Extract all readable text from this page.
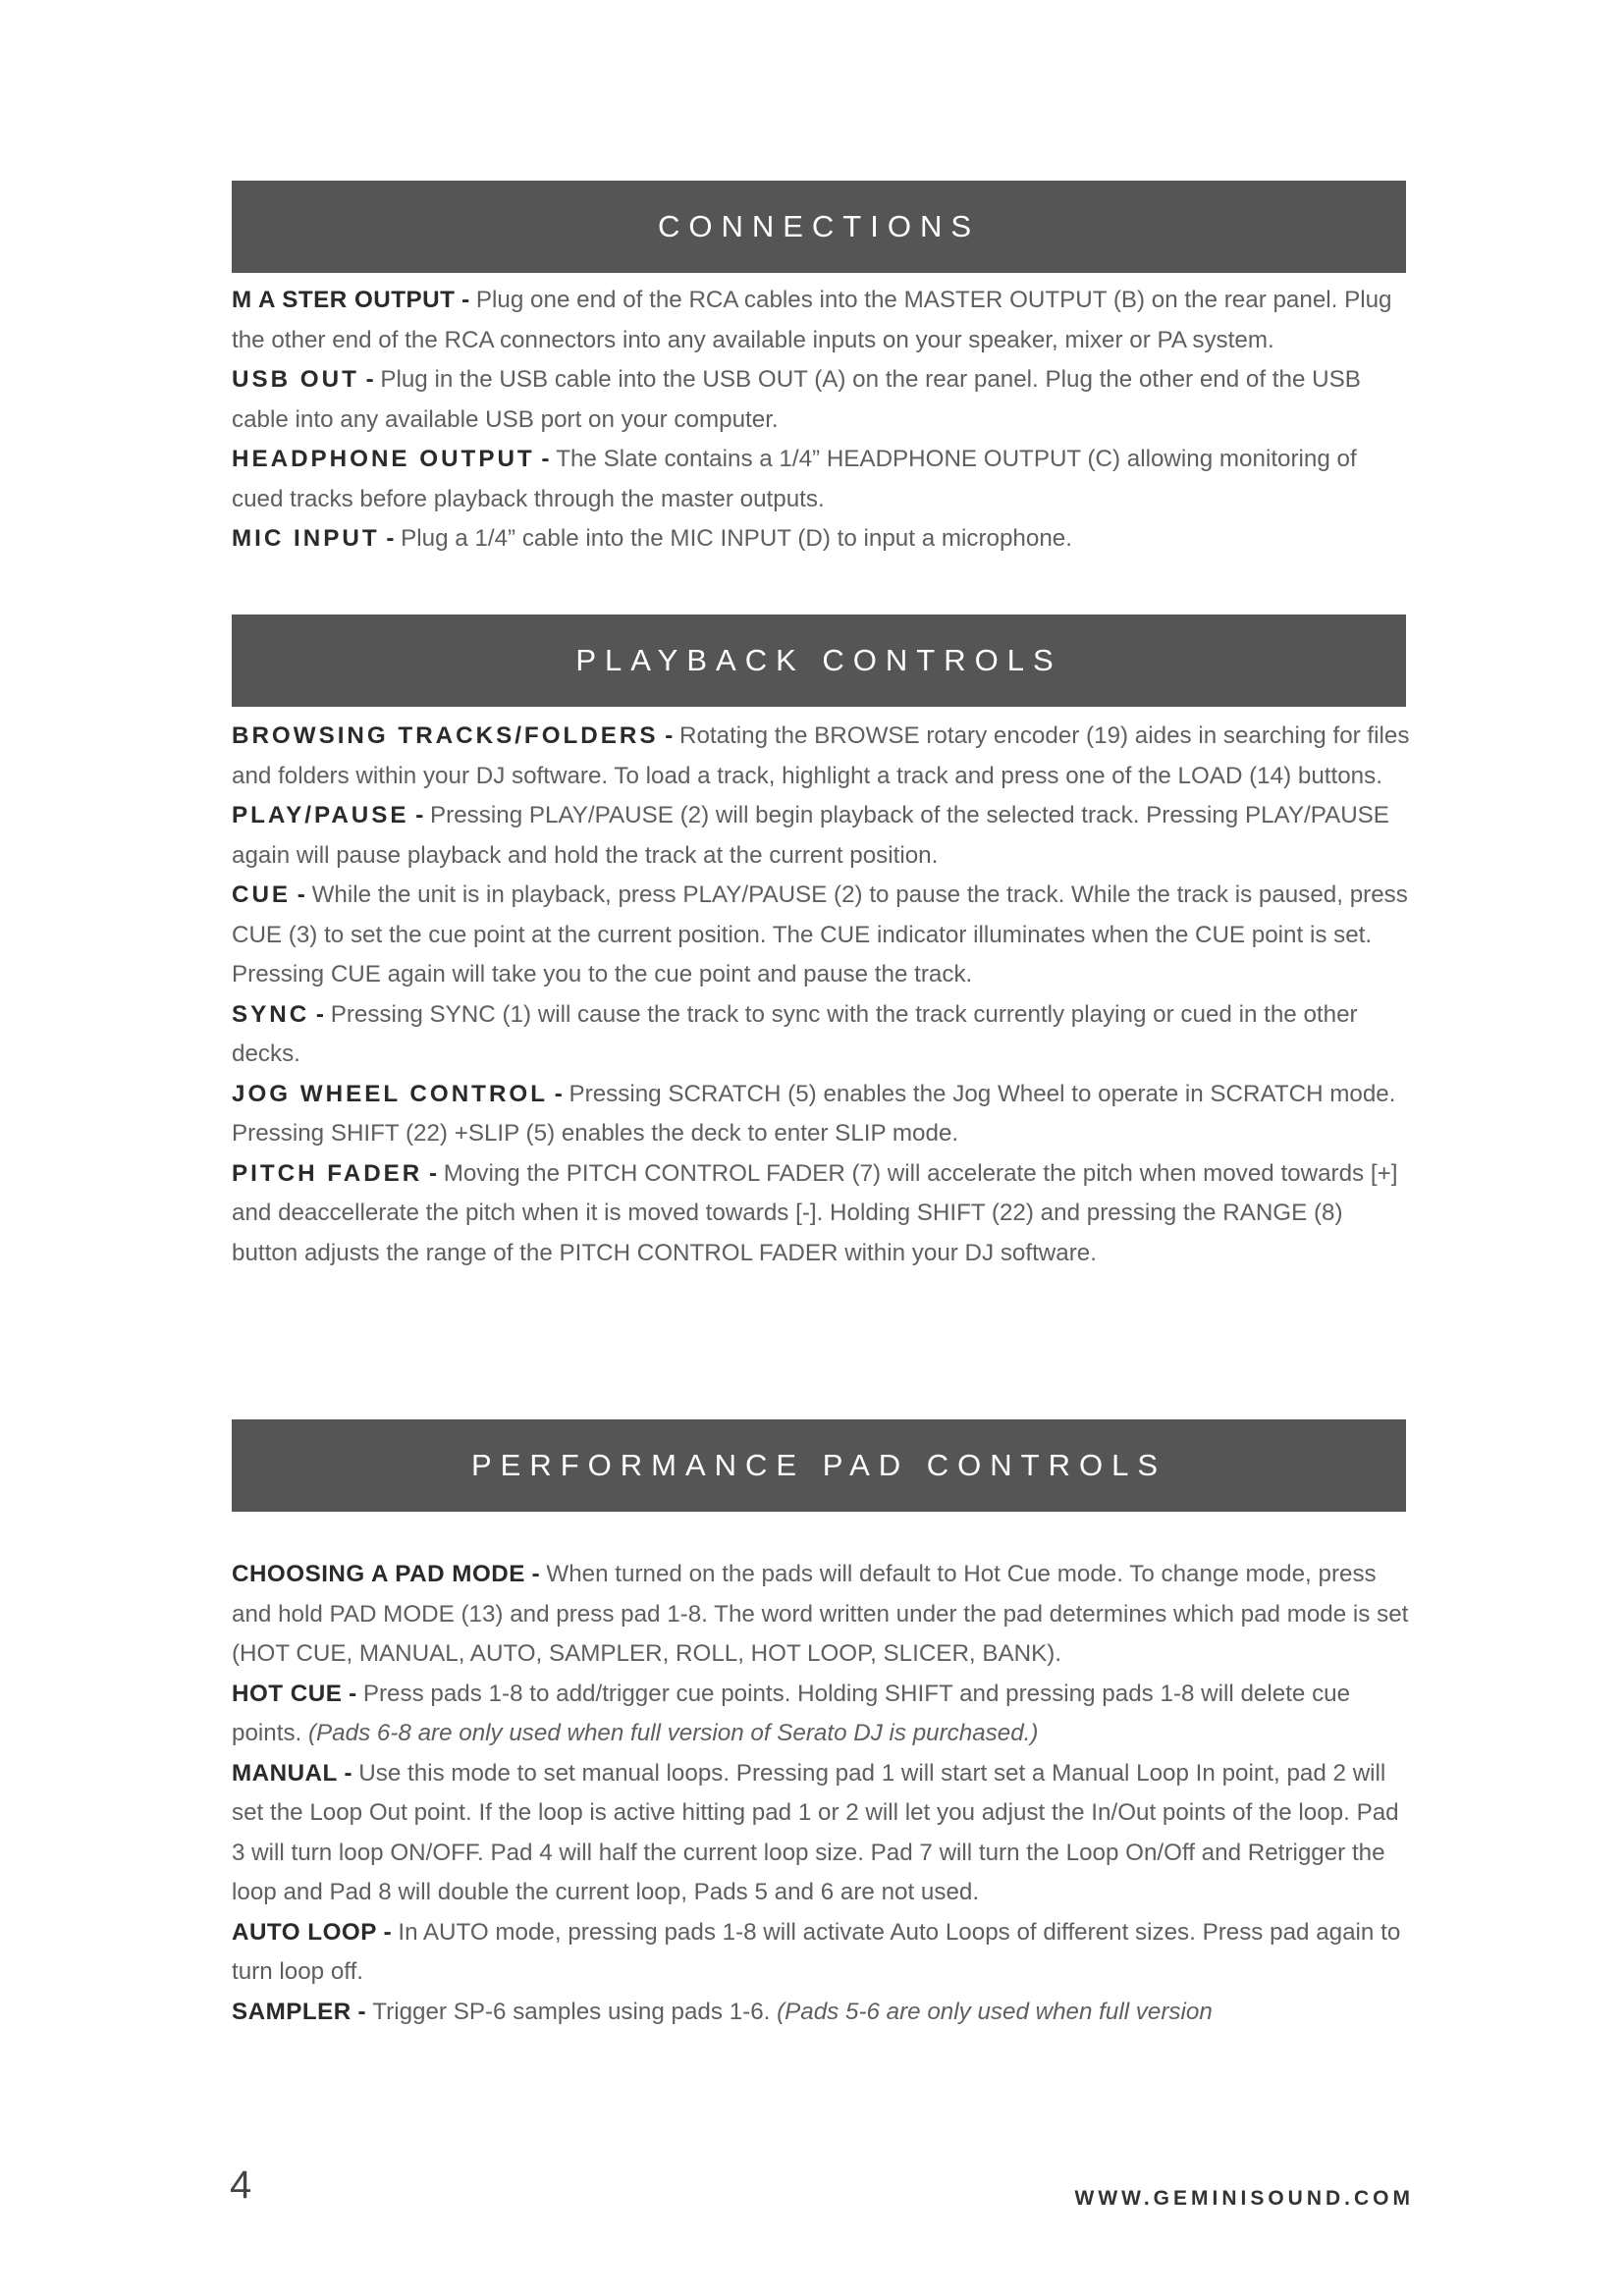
CONNECTIONS

M A STER OUTPUT - Plug one end of the RCA cables into the MASTER OUTPUT (B) on the rear panel. Plug the other end of the RCA connectors into any available inputs on your speaker, mixer or PA system.

USB OUT - Plug in the USB cable into the USB OUT (A) on the rear panel. Plug the other end of the USB cable into any available USB port on your computer.

HEADPHONE OUTPUT - The Slate contains a 1/4” HEADPHONE OUTPUT (C) allowing monitoring of cued tracks before playback through the master outputs.

MIC INPUT - Plug a 1/4” cable into the MIC INPUT (D) to input a microphone.

PLAYBACK CONTROLS

BROWSING TRACKS/FOLDERS - Rotating the BROWSE rotary encoder (19) aides in searching for files and folders within your DJ software. To load a track, highlight a track and press one of the LOAD (14) buttons.

PLAY/PAUSE - Pressing PLAY/PAUSE (2) will begin playback of the selected track. Pressing PLAY/PAUSE again will pause playback and hold the track at the current position.

CUE - While the unit is in playback, press PLAY/PAUSE (2) to pause the track. While the track is paused, press CUE (3) to set the cue point at the current position. The CUE indicator illuminates when the CUE point is set. Pressing CUE again will take you to the cue point and pause the track.

SYNC - Pressing SYNC (1) will cause the track to sync with the track currently playing or cued in the other decks.

JOG WHEEL CONTROL - Pressing SCRATCH (5) enables the Jog Wheel to operate in SCRATCH mode. Pressing SHIFT (22) +SLIP (5) enables the deck to enter SLIP mode.

PITCH FADER - Moving the PITCH CONTROL FADER (7) will accelerate the pitch when moved towards [+] and deaccellerate the pitch when it is moved towards [-]. Holding SHIFT (22) and pressing the RANGE (8) button adjusts the range of the PITCH CONTROL FADER within your DJ software.

PERFORMANCE PAD CONTROLS

CHOOSING A PAD MODE - When turned on the pads will default to Hot Cue mode. To change mode, press and hold PAD MODE (13) and press pad 1-8. The word written under the pad determines which pad mode is set (HOT CUE, MANUAL, AUTO, SAMPLER, ROLL, HOT LOOP, SLICER, BANK).

HOT CUE - Press pads 1-8 to add/trigger cue points. Holding SHIFT and pressing pads 1-8 will delete cue points. (Pads 6-8 are only used when full version of Serato DJ is purchased.)

MANUAL - Use this mode to set manual loops. Pressing pad 1 will start set a Manual Loop In point, pad 2 will set the Loop Out point. If the loop is active hitting pad 1 or 2 will let you adjust the In/Out points of the loop. Pad 3 will turn loop ON/OFF. Pad 4 will half the current loop size. Pad 7 will turn the Loop On/Off and Retrigger the loop and Pad 8 will double the current loop, Pads 5 and 6 are not used.

AUTO LOOP - In AUTO mode, pressing pads 1-8 will activate Auto Loops of different sizes. Press pad again to turn loop off.

SAMPLER - Trigger SP-6 samples using pads 1-6. (Pads 5-6 are only used when full version

4	WWW.GEMINISOUND.COM
